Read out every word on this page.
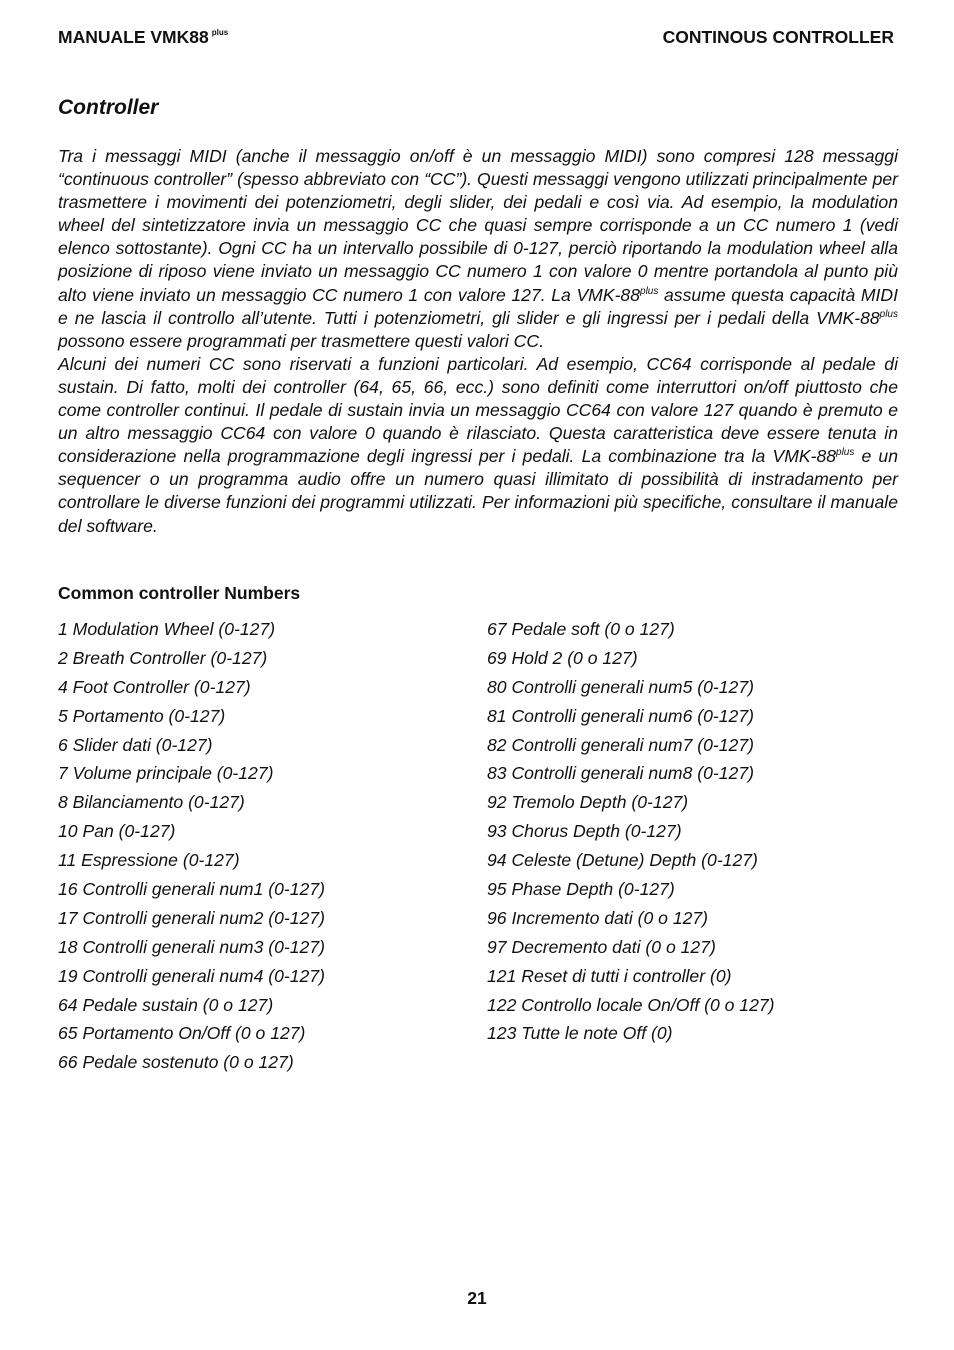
MANUALE VMK88 $^{plus}$	CONTINOUS CONTROLLER
Controller

Tra i messaggi MIDI (anche il messaggio on/off è un messaggio MIDI) sono compresi 128 messaggi “continuous controller” (spesso abbreviato con “CC”). Questi messaggi vengono utilizzati principalmente per trasmettere i movimenti dei potenziometri, degli slider, dei pedali e così via. Ad esempio, la modulation wheel del sintetizzatore invia un messaggio CC che quasi sempre corrisponde a un CC numero 1 (vedi elenco sottostante). Ogni CC ha un intervallo possibile di 0-127, perciò riportando la modulation wheel alla posizione di riposo viene inviato un messaggio CC numero 1 con valore 0 mentre portandola al punto più alto viene inviato un messaggio CC numero 1 con valore 127. La VMK-$88^{plus}$ assume questa capacità MIDI e ne lascia il controllo all’utente. Tutti i potenziometri, gli slider e gli ingressi per i pedali della VMK-$88^{plus}$ possono essere programmati per trasmettere questi valori CC.

Alcuni dei numeri CC sono riservati a funzioni particolari. Ad esempio, CC64 corrisponde al pedale di sustain. Di fatto, molti dei controller (64, 65, 66, ecc.) sono definiti come interruttori on/off piuttosto che come controller continui. Il pedale di sustain invia un messaggio CC64 con valore 127 quando è premuto e un altro messaggio CC64 con valore 0 quando è rilasciato. Questa caratteristica deve essere tenuta in considerazione nella programmazione degli ingressi per i pedali. La combinazione tra la VMK-$88^{plus}$ e un sequencer o un programma audio offre un numero quasi illimitato di possibilità di instradamento per controllare le diverse funzioni dei programmi utilizzati. Per informazioni più specifiche, consultare il manuale del software.

Common controller Numbers
1 Modulation Wheel (0-127)
2 Breath Controller (0-127)
4 Foot Controller (0-127)
5 Portamento (0-127)
6 Slider dati (0-127)
7 Volume principale (0-127)
8 Bilanciamento (0-127)
10 Pan (0-127)
11 Espressione (0-127)
16 Controlli generali num1 (0-127)
17 Controlli generali num2 (0-127)
18 Controlli generali num3 (0-127)
19 Controlli generali num4 (0-127)
64 Pedale sustain (0 o 127)
65 Portamento On/Off (0 o 127)
66 Pedale sostenuto (0 o 127)
67 Pedale soft (0 o 127)
69 Hold 2 (0 o 127)
80 Controlli generali num5 (0-127)
81 Controlli generali num6 (0-127)
82 Controlli generali num7 (0-127)
83 Controlli generali num8 (0-127)
92 Tremolo Depth (0-127)
93 Chorus Depth (0-127)
94 Celeste (Detune) Depth (0-127)
95 Phase Depth (0-127)
96 Incremento dati (0 o 127)
97 Decremento dati (0 o 127)
121 Reset di tutti i controller (0)
122 Controllo locale On/Off (0 o 127)
123 Tutte le note Off (0)
21
